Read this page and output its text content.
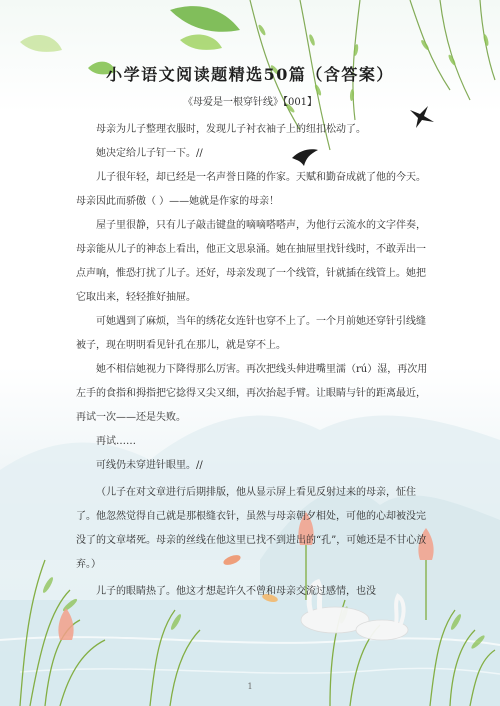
小学语文阅读题精选50篇（含答案）
《母爱是一根穿针线》【001】

母亲为儿子整理衣服时，发现儿子衬衣袖子上的纽扣松动了。

她决定给儿子钉一下。//

儿子很年轻，却已经是一名声誉日隆的作家。天赋和勤奋成就了他的今天。母亲因此而骄傲（ ）——她就是作家的母亲！

屋子里很静，只有儿子敲击键盘的嘀嘀嗒嗒声，为他行云流水的文字伴奏，母亲能从儿子的神态上看出，他正文思泉涌。她在抽屉里找针线时，不敢弄出一点声响，惟恐打扰了儿子。还好，母亲发现了一个线管，针就插在线管上。她把它取出来，轻轻推好抽屉。

可她遇到了麻烦，当年的绣花女连针也穿不上了。一个月前她还穿针引线缝被子，现在明明看见针孔在那儿，就是穿不上。

她不相信她视力下降得那么厉害。再次把线头伸进嘴里濡（rú）湿，再次用左手的食指和拇指把它捻得又尖又细，再次抬起手臂。让眼睛与针的距离最近，再试一次——还是失败。

再试……

可线仍未穿进针眼里。//

（儿子在对文章进行后期排版，他从显示屏上看见反射过来的母亲，怔住了。他忽然觉得自己就是那根缝衣针，虽然与母亲朝夕相处，可他的心却被没完没了的文章堵死。母亲的丝线在他这里已找不到进出的“孔”，可她还是不甘心放弃。）

儿子的眼睛热了。他这才想起许久不曾和母亲交流过感情，也没

1
